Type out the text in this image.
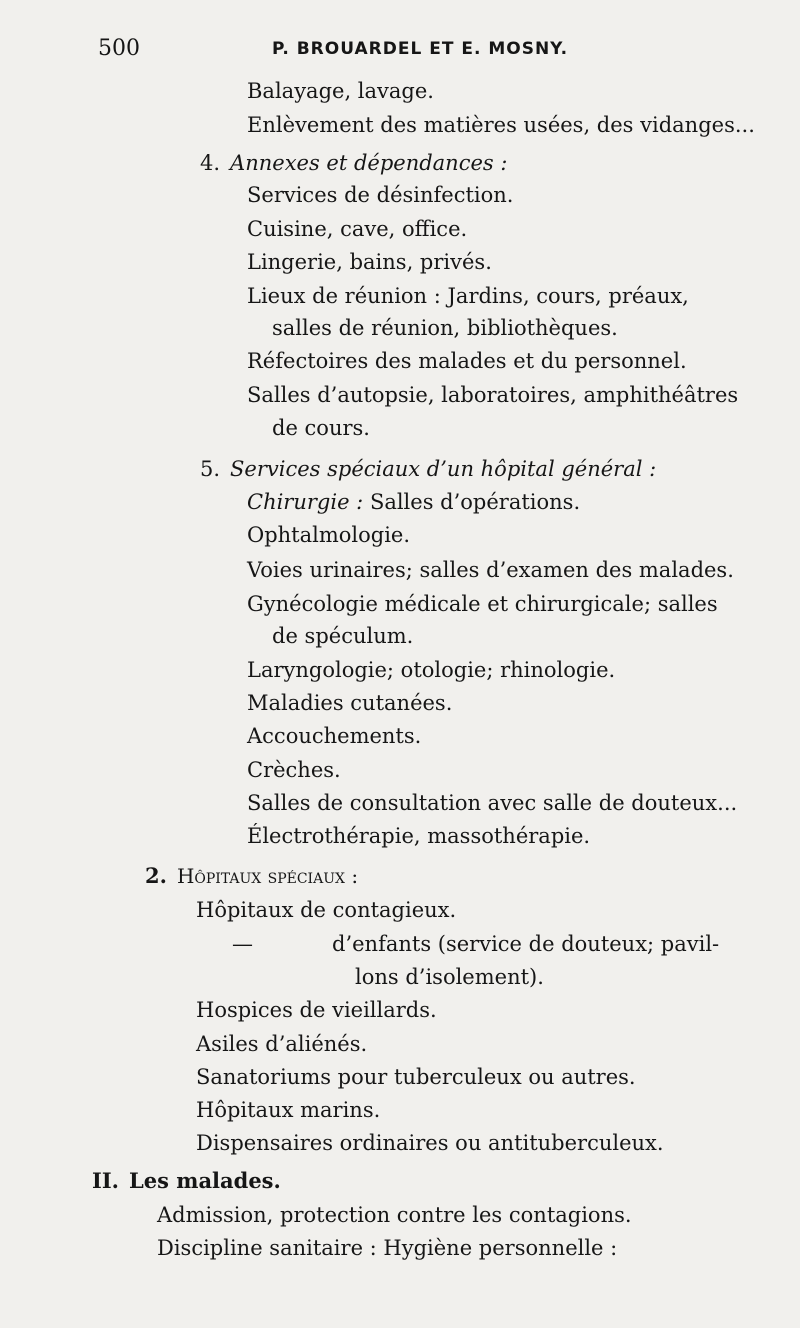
500	P. BROUARDEL ET E. MOSNY.
Balayage, lavage.
Enlèvement des matières usées, des vidanges...
4. Annexes et dépendances :
Services de désinfection.
Cuisine, cave, office.
Lingerie, bains, privés.
Lieux de réunion : Jardins, cours, préaux,
salles de réunion, bibliothèques.
Réfectoires des malades et du personnel.
Salles d’autopsie, laboratoires, amphithéâtres
de cours.
5. Services spéciaux d’un hôpital général :
Chirurgie : Salles d’opérations.
Ophtalmologie.
Voies urinaires; salles d’examen des malades.
Gynécologie médicale et chirurgicale; salles
de spéculum.
Laryngologie; otologie; rhinologie.
Maladies cutanées.
Accouchements.
Crèches.
Salles de consultation avec salle de douteux...
Électrothérapie, massothérapie.
2. Hôpitaux spéciaux :
Hôpitaux de contagieux.
—	d’enfants (service de douteux; pavil-
lons d’isolement).
Hospices de vieillards.
Asiles d’aliénés.
Sanatoriums pour tuberculeux ou autres.
Hôpitaux marins.
Dispensaires ordinaires ou antituberculeux.
II. Les malades.
Admission, protection contre les contagions.
Discipline sanitaire : Hygiène personnelle :
